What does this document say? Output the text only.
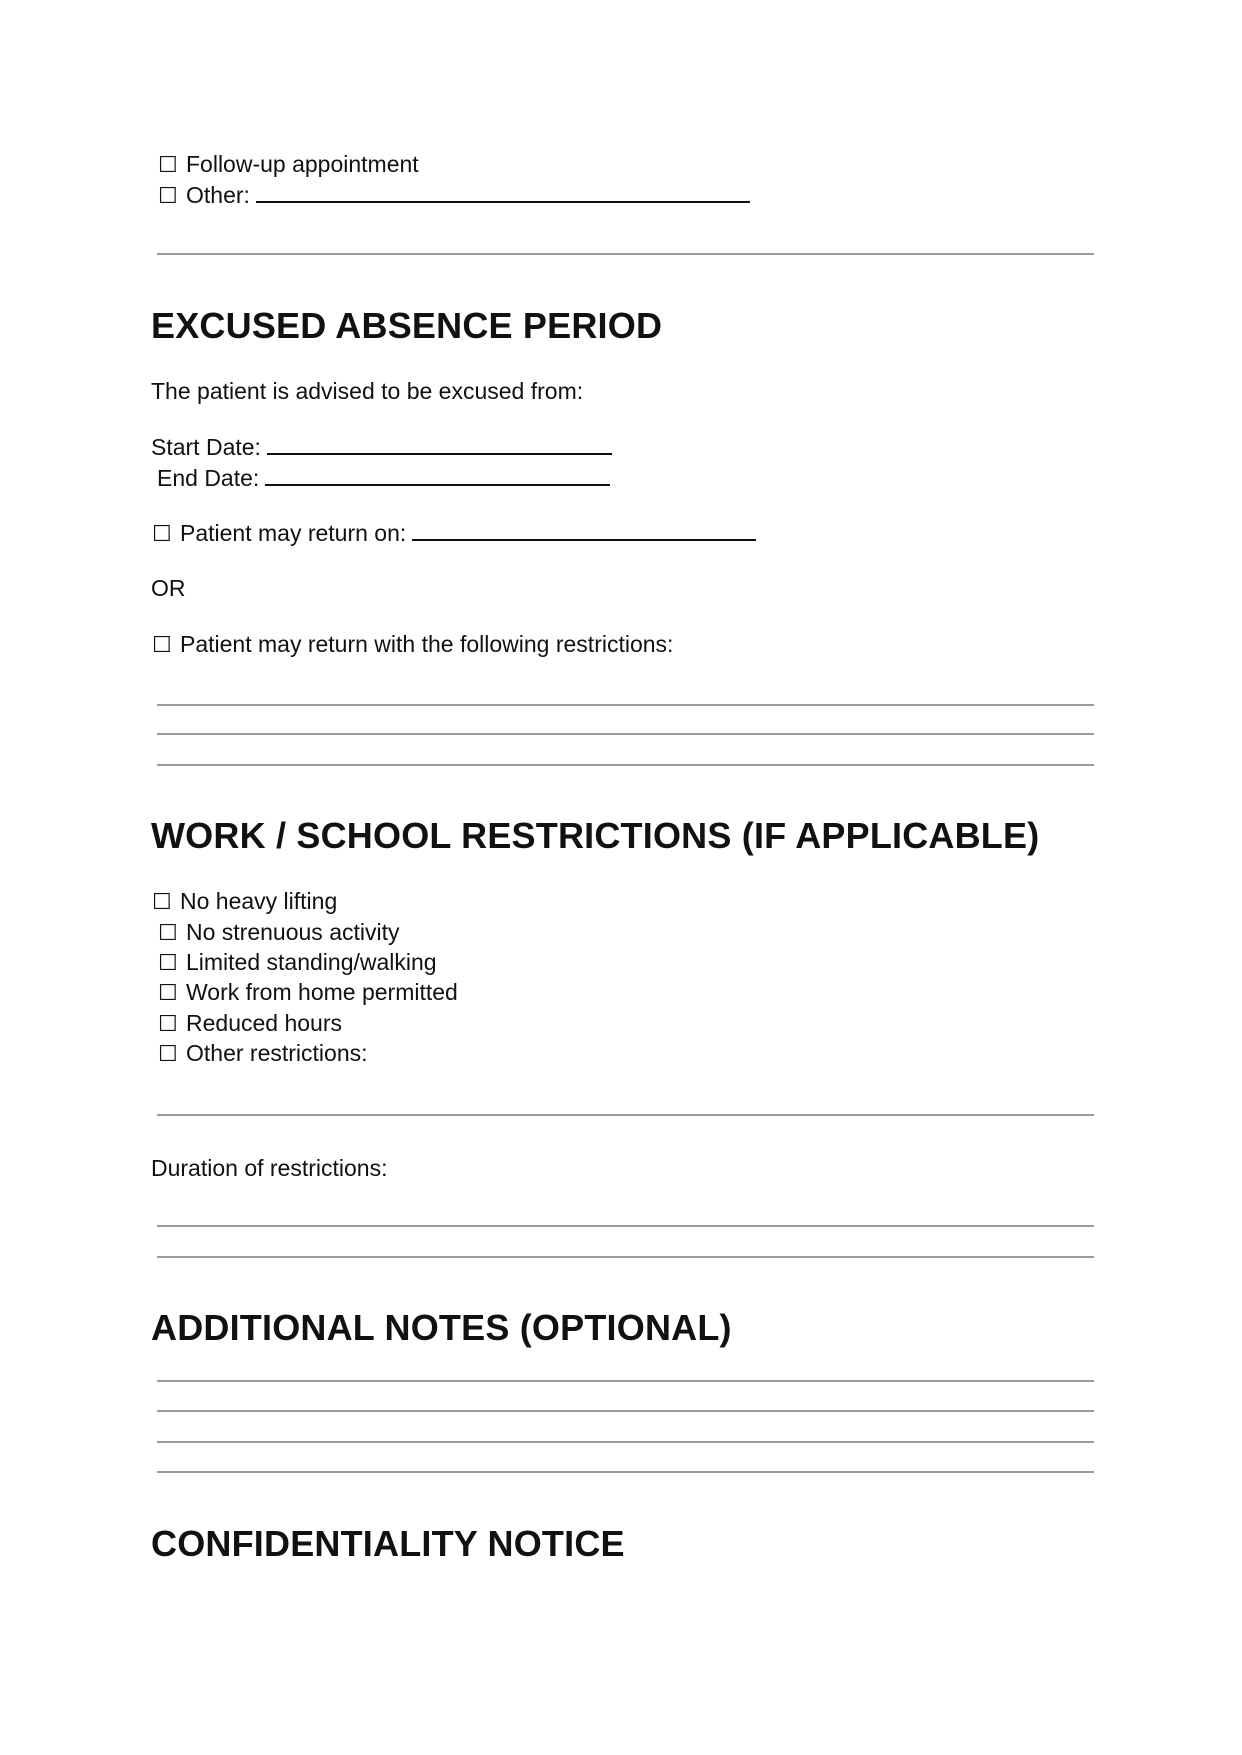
☐ Follow-up appointment
☐ Other:
EXCUSED ABSENCE PERIOD
The patient is advised to be excused from:
Start Date:
End Date:
☐ Patient may return on:
OR
☐ Patient may return with the following restrictions:
WORK / SCHOOL RESTRICTIONS (IF APPLICABLE)
☐ No heavy lifting
☐ No strenuous activity
☐ Limited standing/walking
☐ Work from home permitted
☐ Reduced hours
☐ Other restrictions:
Duration of restrictions:
ADDITIONAL NOTES (OPTIONAL)
CONFIDENTIALITY NOTICE
